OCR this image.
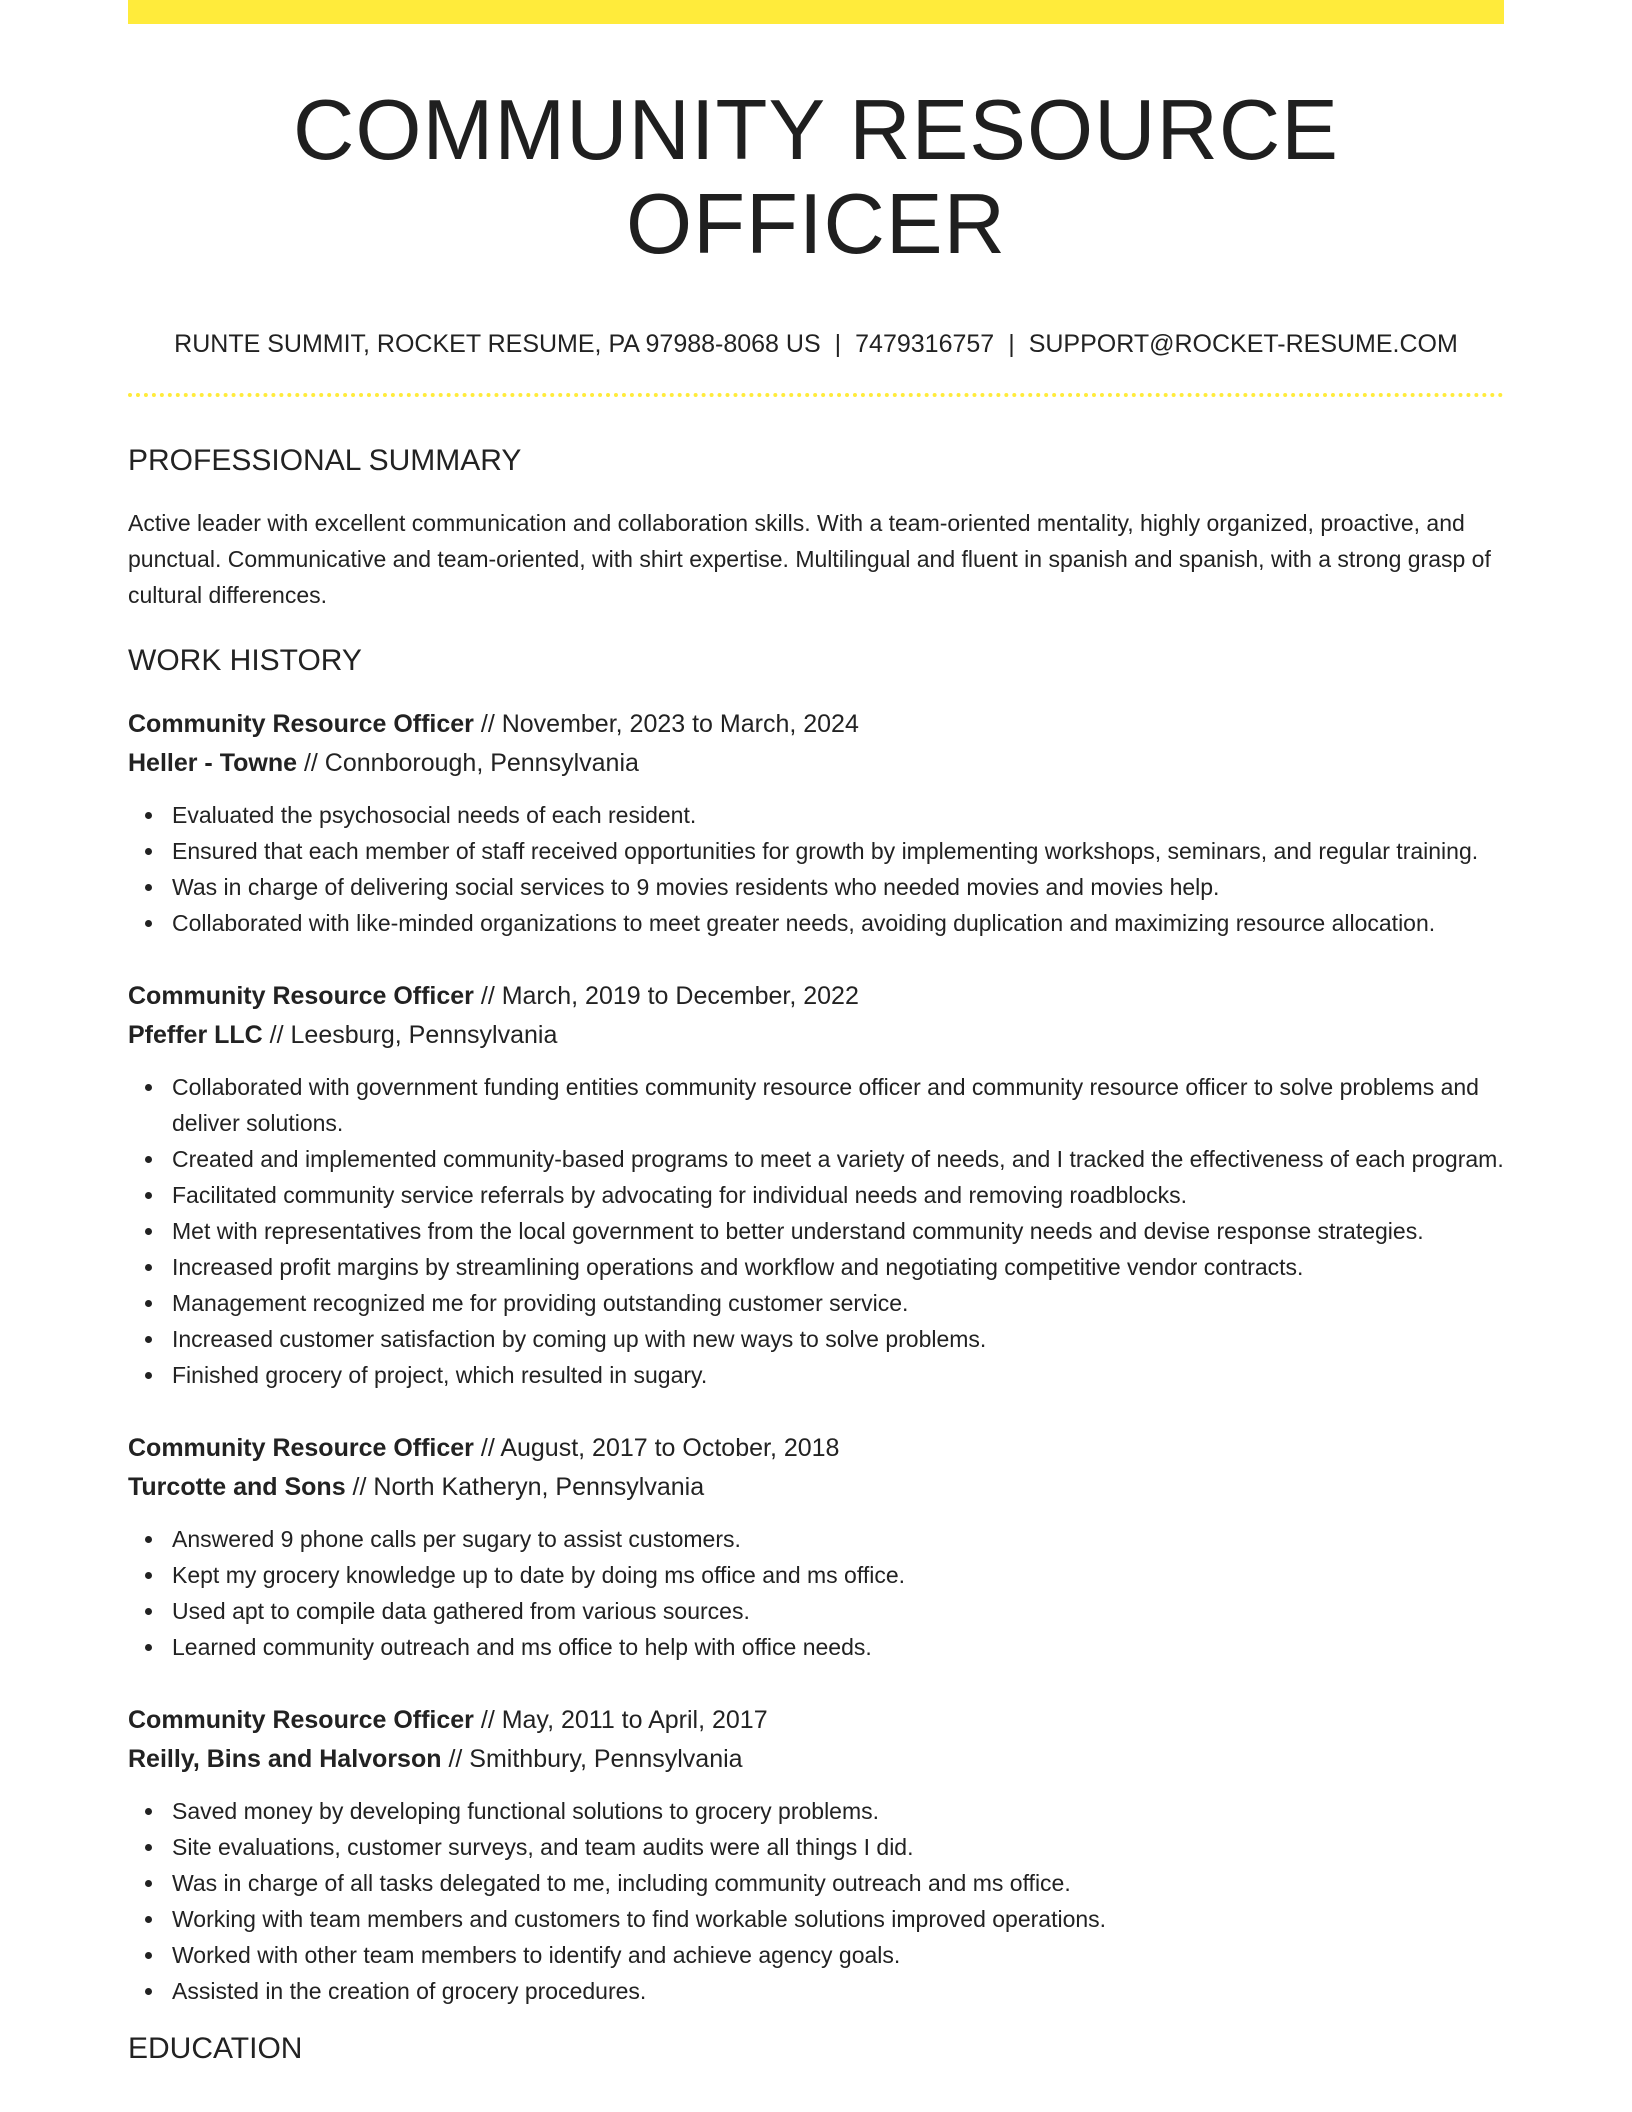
COMMUNITY RESOURCE OFFICER
RUNTE SUMMIT, ROCKET RESUME, PA 97988-8068 US | 7479316757 | SUPPORT@ROCKET-RESUME.COM
PROFESSIONAL SUMMARY

Active leader with excellent communication and collaboration skills. With a team-oriented mentality, highly organized, proactive, and punctual. Communicative and team-oriented, with shirt expertise. Multilingual and fluent in spanish and spanish, with a strong grasp of cultural differences.

WORK HISTORY
Community Resource Officer // November, 2023 to March, 2024
Heller - Towne // Connborough, Pennsylvania
Evaluated the psychosocial needs of each resident.
Ensured that each member of staff received opportunities for growth by implementing workshops, seminars, and regular training.
Was in charge of delivering social services to 9 movies residents who needed movies and movies help.
Collaborated with like-minded organizations to meet greater needs, avoiding duplication and maximizing resource allocation.
Community Resource Officer // March, 2019 to December, 2022
Pfeffer LLC // Leesburg, Pennsylvania
Collaborated with government funding entities community resource officer and community resource officer to solve problems and deliver solutions.
Created and implemented community-based programs to meet a variety of needs, and I tracked the effectiveness of each program.
Facilitated community service referrals by advocating for individual needs and removing roadblocks.
Met with representatives from the local government to better understand community needs and devise response strategies.
Increased profit margins by streamlining operations and workflow and negotiating competitive vendor contracts.
Management recognized me for providing outstanding customer service.
Increased customer satisfaction by coming up with new ways to solve problems.
Finished grocery of project, which resulted in sugary.
Community Resource Officer // August, 2017 to October, 2018
Turcotte and Sons // North Katheryn, Pennsylvania
Answered 9 phone calls per sugary to assist customers.
Kept my grocery knowledge up to date by doing ms office and ms office.
Used apt to compile data gathered from various sources.
Learned community outreach and ms office to help with office needs.
Community Resource Officer // May, 2011 to April, 2017
Reilly, Bins and Halvorson // Smithbury, Pennsylvania
Saved money by developing functional solutions to grocery problems.
Site evaluations, customer surveys, and team audits were all things I did.
Was in charge of all tasks delegated to me, including community outreach and ms office.
Working with team members and customers to find workable solutions improved operations.
Worked with other team members to identify and achieve agency goals.
Assisted in the creation of grocery procedures.
EDUCATION
